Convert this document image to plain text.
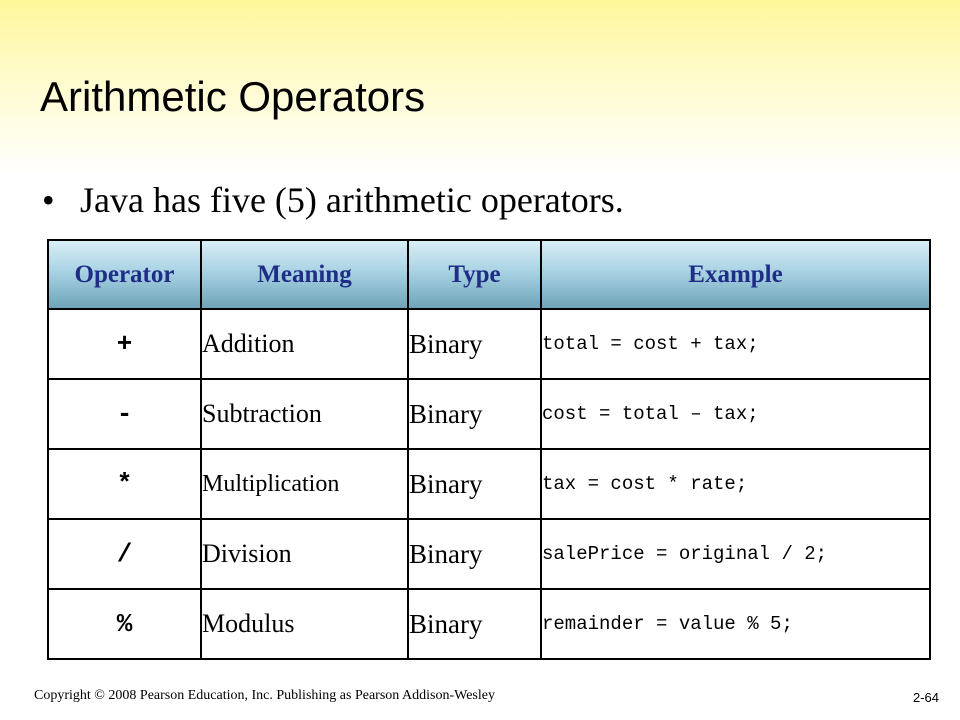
Arithmetic Operators
• Java has five (5) arithmetic operators.
Operator	Meaning	Type	Example
+	Addition	Binary	total = cost + tax;
-	Subtraction	Binary	cost = total – tax;
*	Multiplication	Binary	tax = cost * rate;
/	Division	Binary	salePrice = original / 2;
%	Modulus	Binary	remainder = value % 5;
Copyright © 2008 Pearson Education, Inc. Publishing as Pearson Addison-Wesley	2-64
